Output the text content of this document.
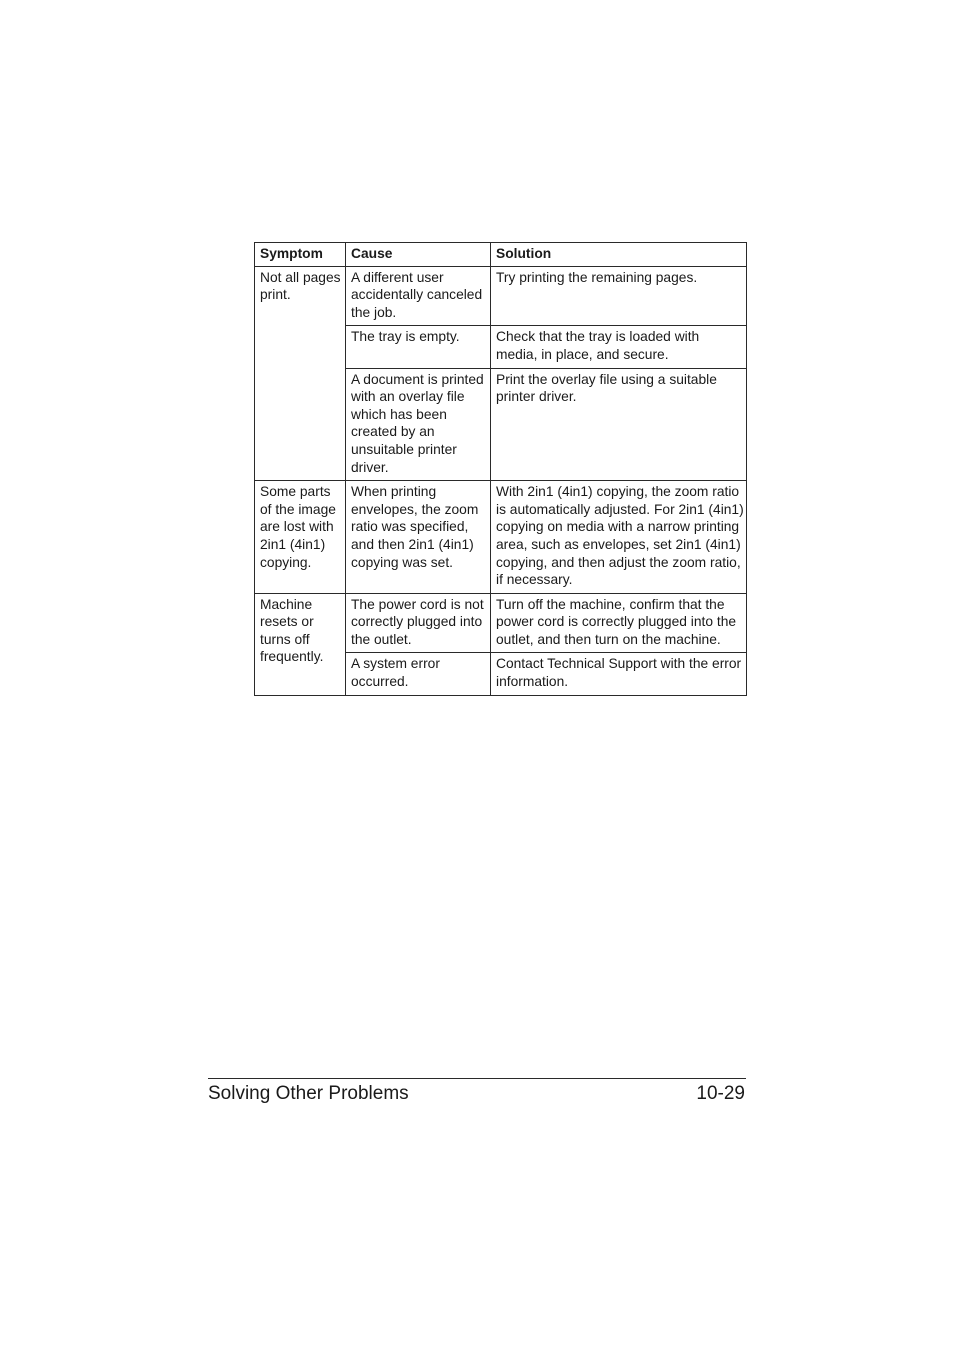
Symptom	Cause	Solution
Not all pages print.	A different user accidentally canceled the job.	Try printing the remaining pages.
	The tray is empty.	Check that the tray is loaded with media, in place, and secure.
	A document is printed with an overlay file which has been created by an unsuitable printer driver.	Print the overlay file using a suitable printer driver.
Some parts of the image are lost with 2in1 (4in1) copying.	When printing envelopes, the zoom ratio was specified, and then 2in1 (4in1) copying was set.	With 2in1 (4in1) copying, the zoom ratio is automatically adjusted. For 2in1 (4in1) copying on media with a narrow printing area, such as envelopes, set 2in1 (4in1) copying, and then adjust the zoom ratio, if necessary.
Machine resets or turns off frequently.	The power cord is not correctly plugged into the outlet.	Turn off the machine, confirm that the power cord is correctly plugged into the outlet, and then turn on the machine.
	A system error occurred.	Contact Technical Support with the error information.
Solving Other Problems	10-29
